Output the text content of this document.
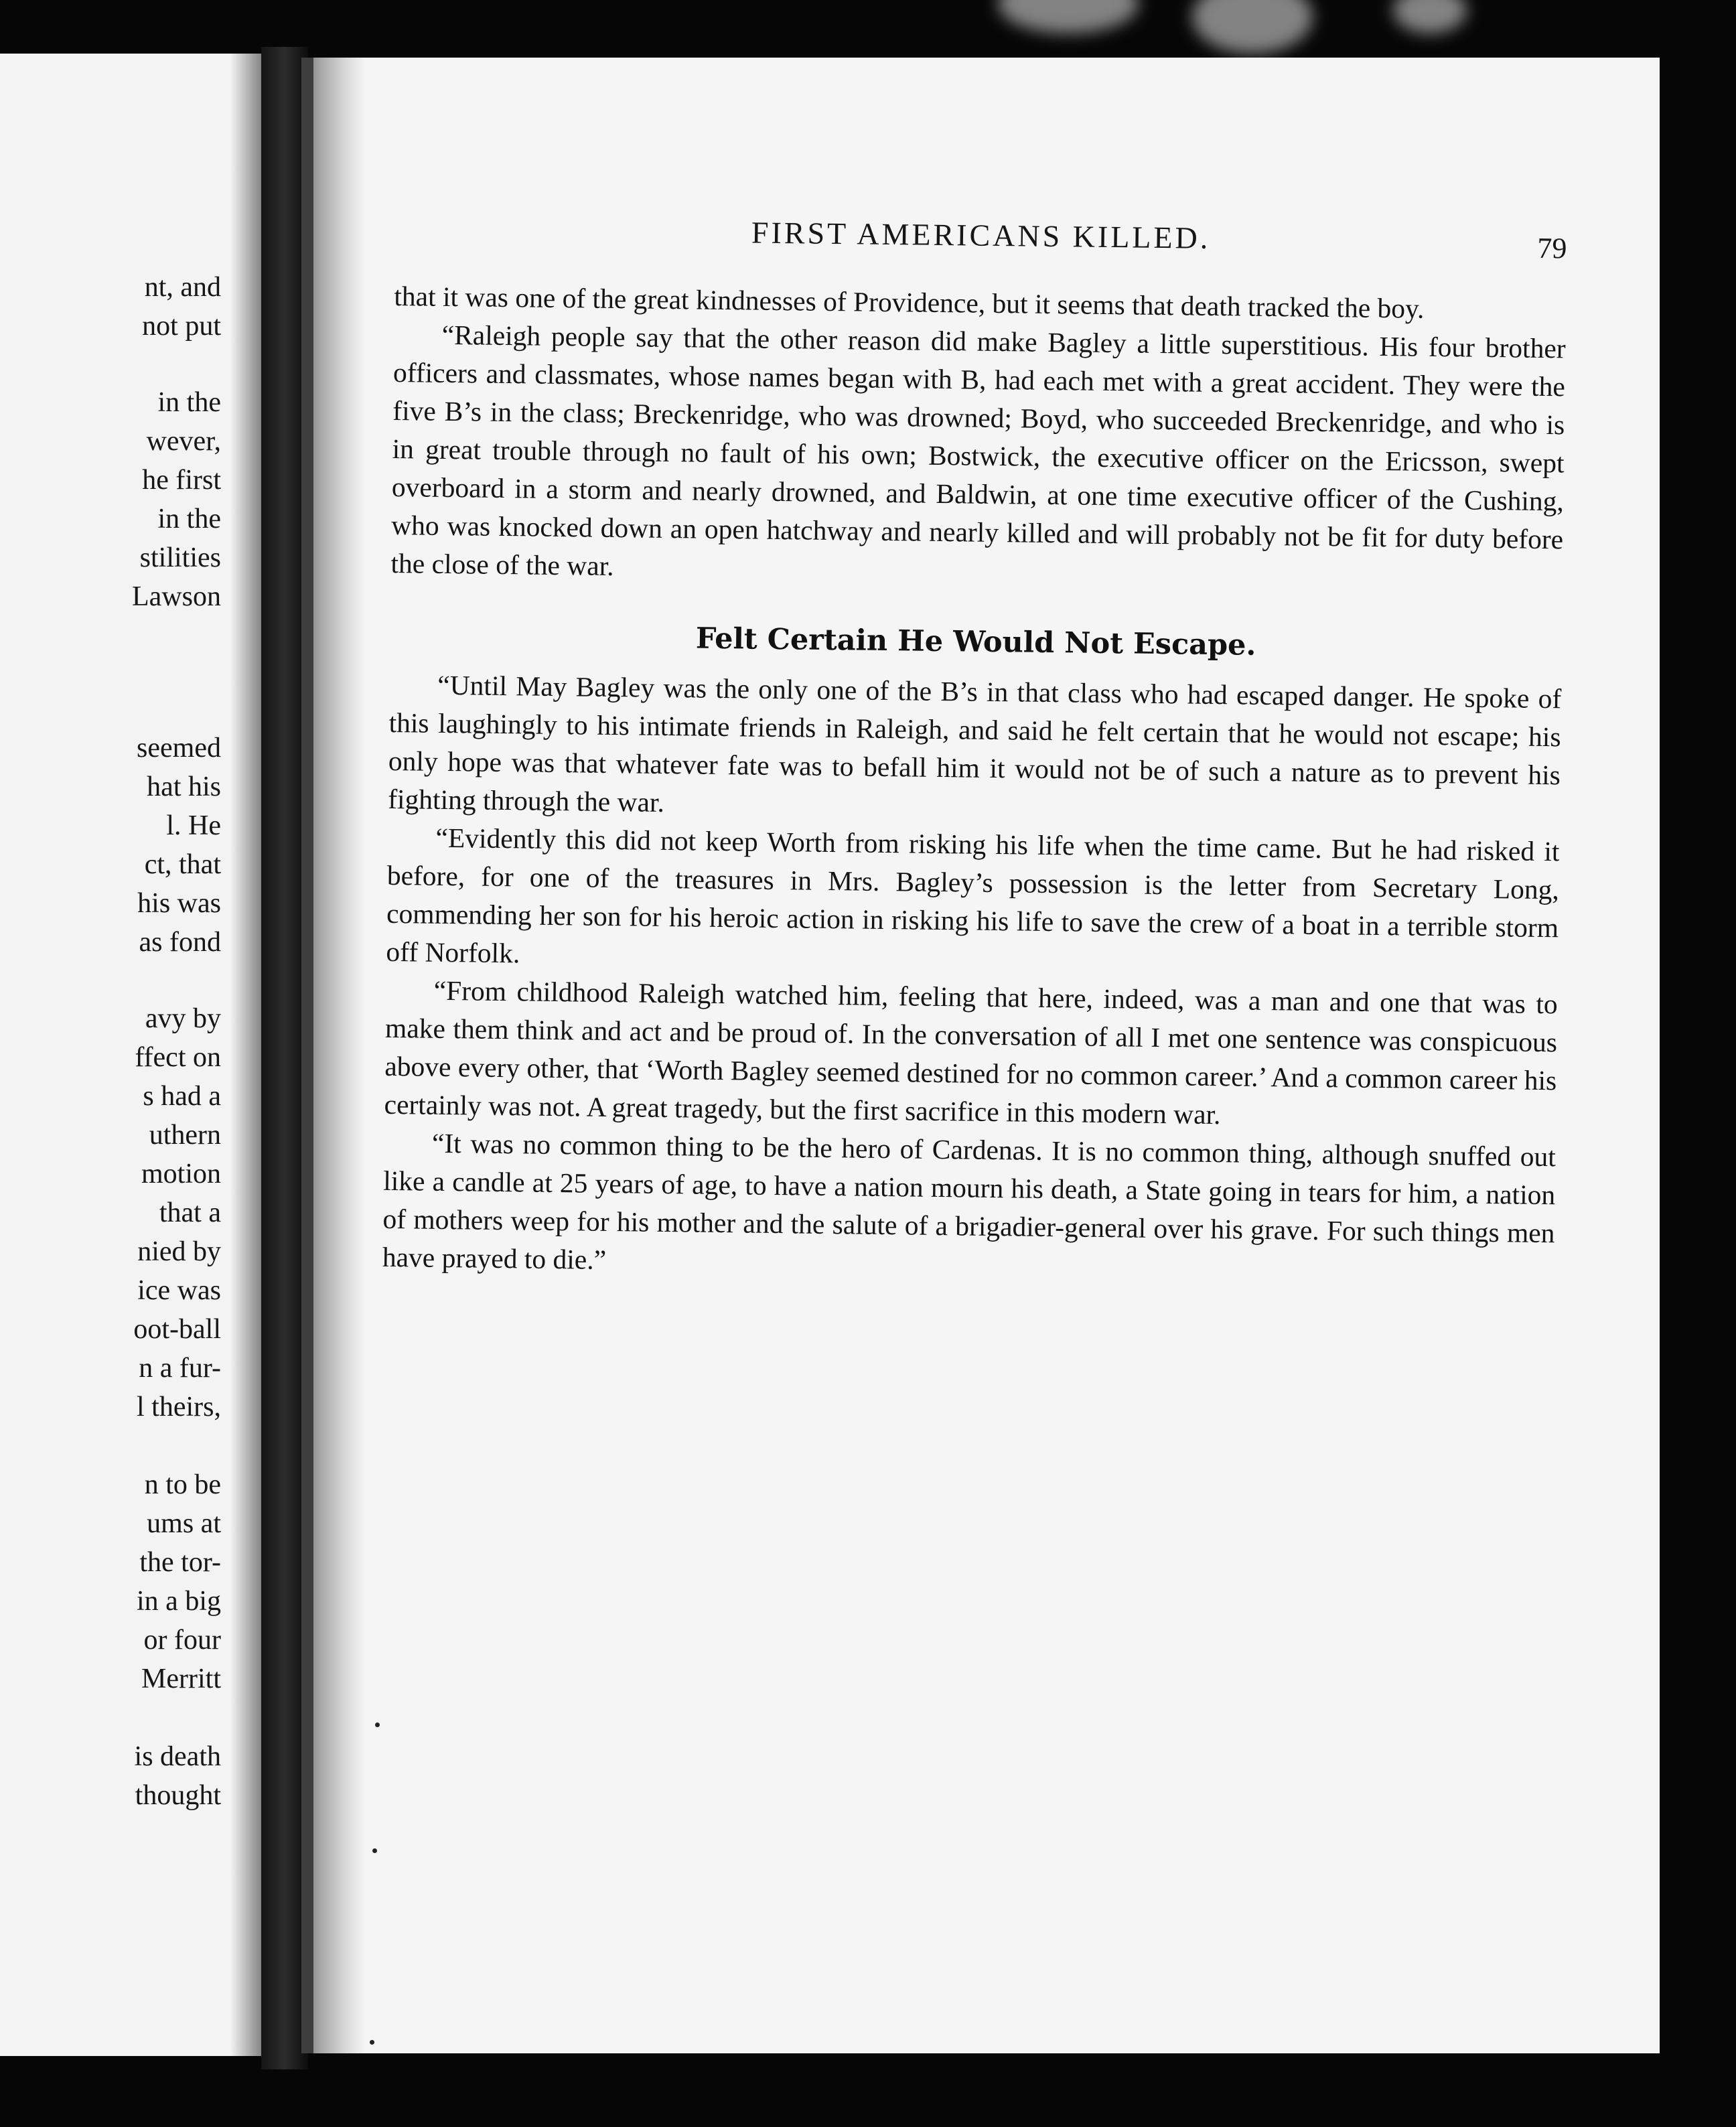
nt, and
not put
in the
wever,
he first
in the
stilities
Lawson
seemed
hat his
l. He
ct, that
his was
as fond
avy by
ffect on
s had a
uthern
motion
that a
nied by
ice was
oot-ball
n a fur-
l theirs,
n to be
ums at
the tor-
in a big
or four
Merritt
is death
thought
FIRST AMERICANS KILLED.	79

that it was one of the great kindnesses of Providence, but it seems that death tracked the boy.

“Raleigh people say that the other reason did make Bagley a little superstitious. His four brother officers and classmates, whose names began with B, had each met with a great accident. They were the five B’s in the class; Breckenridge, who was drowned; Boyd, who succeeded Breckenridge, and who is in great trouble through no fault of his own; Bostwick, the executive officer on the Ericsson, swept overboard in a storm and nearly drowned, and Baldwin, at one time executive officer of the Cushing, who was knocked down an open hatchway and nearly killed and will probably not be fit for duty before the close of the war.

Felt Certain He Would Not Escape.

“Until May Bagley was the only one of the B’s in that class who had escaped danger. He spoke of this laughingly to his intimate friends in Raleigh, and said he felt certain that he would not escape; his only hope was that whatever fate was to befall him it would not be of such a nature as to prevent his fighting through the war.

“Evidently this did not keep Worth from risking his life when the time came. But he had risked it before, for one of the treasures in Mrs. Bagley’s possession is the letter from Secretary Long, commending her son for his heroic action in risking his life to save the crew of a boat in a terrible storm off Norfolk.

“From childhood Raleigh watched him, feeling that here, indeed, was a man and one that was to make them think and act and be proud of. In the conversation of all I met one sentence was conspicuous above every other, that ‘Worth Bagley seemed destined for no common career.’ And a common career his certainly was not. A great tragedy, but the first sacrifice in this modern war.

“It was no common thing to be the hero of Cardenas. It is no common thing, although snuffed out like a candle at 25 years of age, to have a nation mourn his death, a State going in tears for him, a nation of mothers weep for his mother and the salute of a brigadier-general over his grave. For such things men have prayed to die.”
